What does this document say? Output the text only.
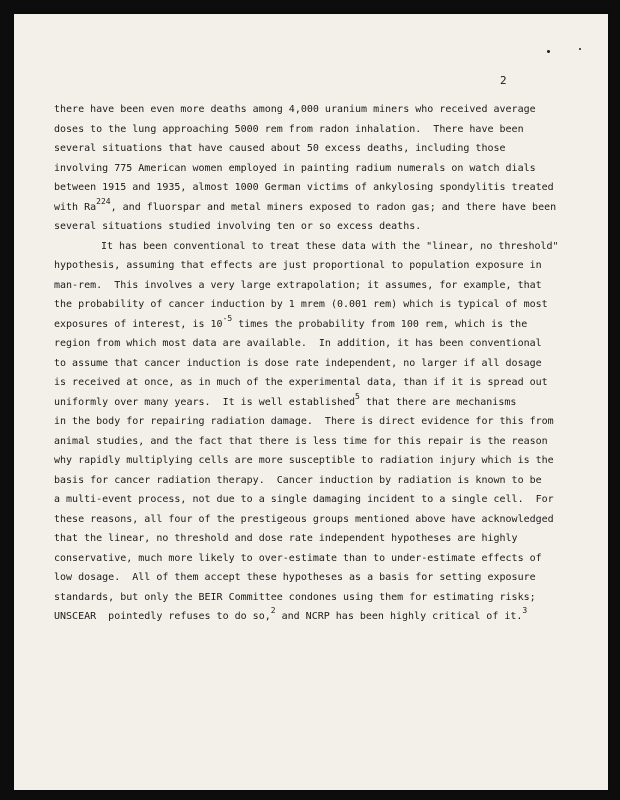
2
there have been even more deaths among 4,000 uranium miners who received average
doses to the lung approaching 5000 rem from radon inhalation.  There have been
several situations that have caused about 50 excess deaths, including those
involving 775 American women employed in painting radium numerals on watch dials
between 1915 and 1935, almost 1000 German victims of ankylosing spondylitis treated
with Ra$^{224}$, and fluorspar and metal miners exposed to radon gas; and there have been
several situations studied involving ten or so excess deaths.
It has been conventional to treat these data with the "linear, no threshold"
hypothesis, assuming that effects are just proportional to population exposure in
man-rem.  This involves a very large extrapolation; it assumes, for example, that
the probability of cancer induction by 1 mrem (0.001 rem) which is typical of most
exposures of interest, is $10^{-5}$ times the probability from 100 rem, which is the
region from which most data are available.  In addition, it has been conventional
to assume that cancer induction is dose rate independent, no larger if all dosage
is received at once, as in much of the experimental data, than if it is spread out
uniformly over many years.  It is well established$^5$ that there are mechanisms
in the body for repairing radiation damage.  There is direct evidence for this from
animal studies, and the fact that there is less time for this repair is the reason
why rapidly multiplying cells are more susceptible to radiation injury which is the
basis for cancer radiation therapy.  Cancer induction by radiation is known to be
a multi-event process, not due to a single damaging incident to a single cell.  For
these reasons, all four of the prestigeous groups mentioned above have acknowledged
that the linear, no threshold and dose rate independent hypotheses are highly
conservative, much more likely to over-estimate than to under-estimate effects of
low dosage.  All of them accept these hypotheses as a basis for setting exposure
standards, but only the BEIR Committee condones using them for estimating risks;
UNSCEAR  pointedly refuses to do so,$^2$ and NCRP has been highly critical of it.$^3$
